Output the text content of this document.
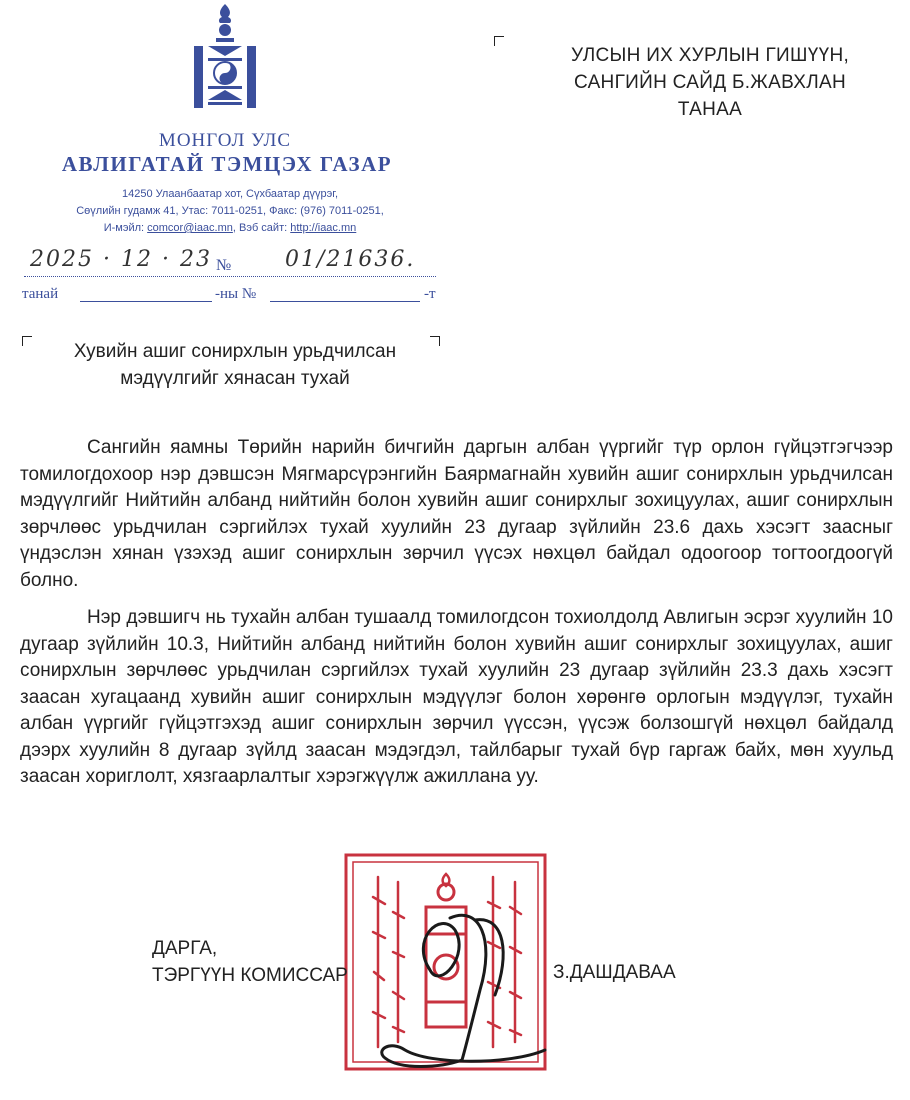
МОНГОЛ УЛС
АВЛИГАТАЙ ТЭМЦЭХ ГАЗАР
14250 Улаанбаатар хот, Сүхбаатар дүүрэг,
Сөүлийн гудамж 41, Утас: 7011-0251, Факс: (976) 7011-0251,
И-мэйл: comcor@iaac.mn, Вэб сайт: http://iaac.mn
2025 · 12 · 23 № 01/21636.
танай	-ны №	-т
УЛСЫН ИХ ХУРЛЫН ГИШҮҮН,
САНГИЙН САЙД Б.ЖАВХЛАН
ТАНАА
Хувийн ашиг сонирхлын урьдчилсан
мэдүүлгийг хянасан тухай

Сангийн яамны Төрийн нарийн бичгийн даргын албан үүргийг түр орлон гүйцэтгэгчээр томилогдохоор нэр дэвшсэн Мягмарсүрэнгийн Баярмагнайн хувийн ашиг сонирхлын урьдчилсан мэдүүлгийг Нийтийн албанд нийтийн болон хувийн ашиг сонирхлыг зохицуулах, ашиг сонирхлын зөрчлөөс урьдчилан сэргийлэх тухай хуулийн 23 дугаар зүйлийн 23.6 дахь хэсэгт заасныг үндэслэн хянан үзэхэд ашиг сонирхлын зөрчил үүсэх нөхцөл байдал одоогоор тогтоогдоогүй болно.

Нэр дэвшигч нь тухайн албан тушаалд томилогдсон тохиолдолд Авлигын эсрэг хуулийн 10 дугаар зүйлийн 10.3, Нийтийн албанд нийтийн болон хувийн ашиг сонирхлыг зохицуулах, ашиг сонирхлын зөрчлөөс урьдчилан сэргийлэх тухай хуулийн 23 дугаар зүйлийн 23.3 дахь хэсэгт заасан хугацаанд хувийн ашиг сонирхлын мэдүүлэг болон хөрөнгө орлогын мэдүүлэг, тухайн албан үүргийг гүйцэтгэхэд ашиг сонирхлын зөрчил үүссэн, үүсэж болзошгүй нөхцөл байдалд дээрх хуулийн 8 дугаар зүйлд заасан мэдэгдэл, тайлбарыг тухай бүр гаргаж байх, мөн хуульд заасан хориглолт, хязгаарлалтыг хэрэгжүүлж ажиллана уу.

ДАРГА,
ТЭРГҮҮН КОМИССАР	З.ДАШДАВАА
